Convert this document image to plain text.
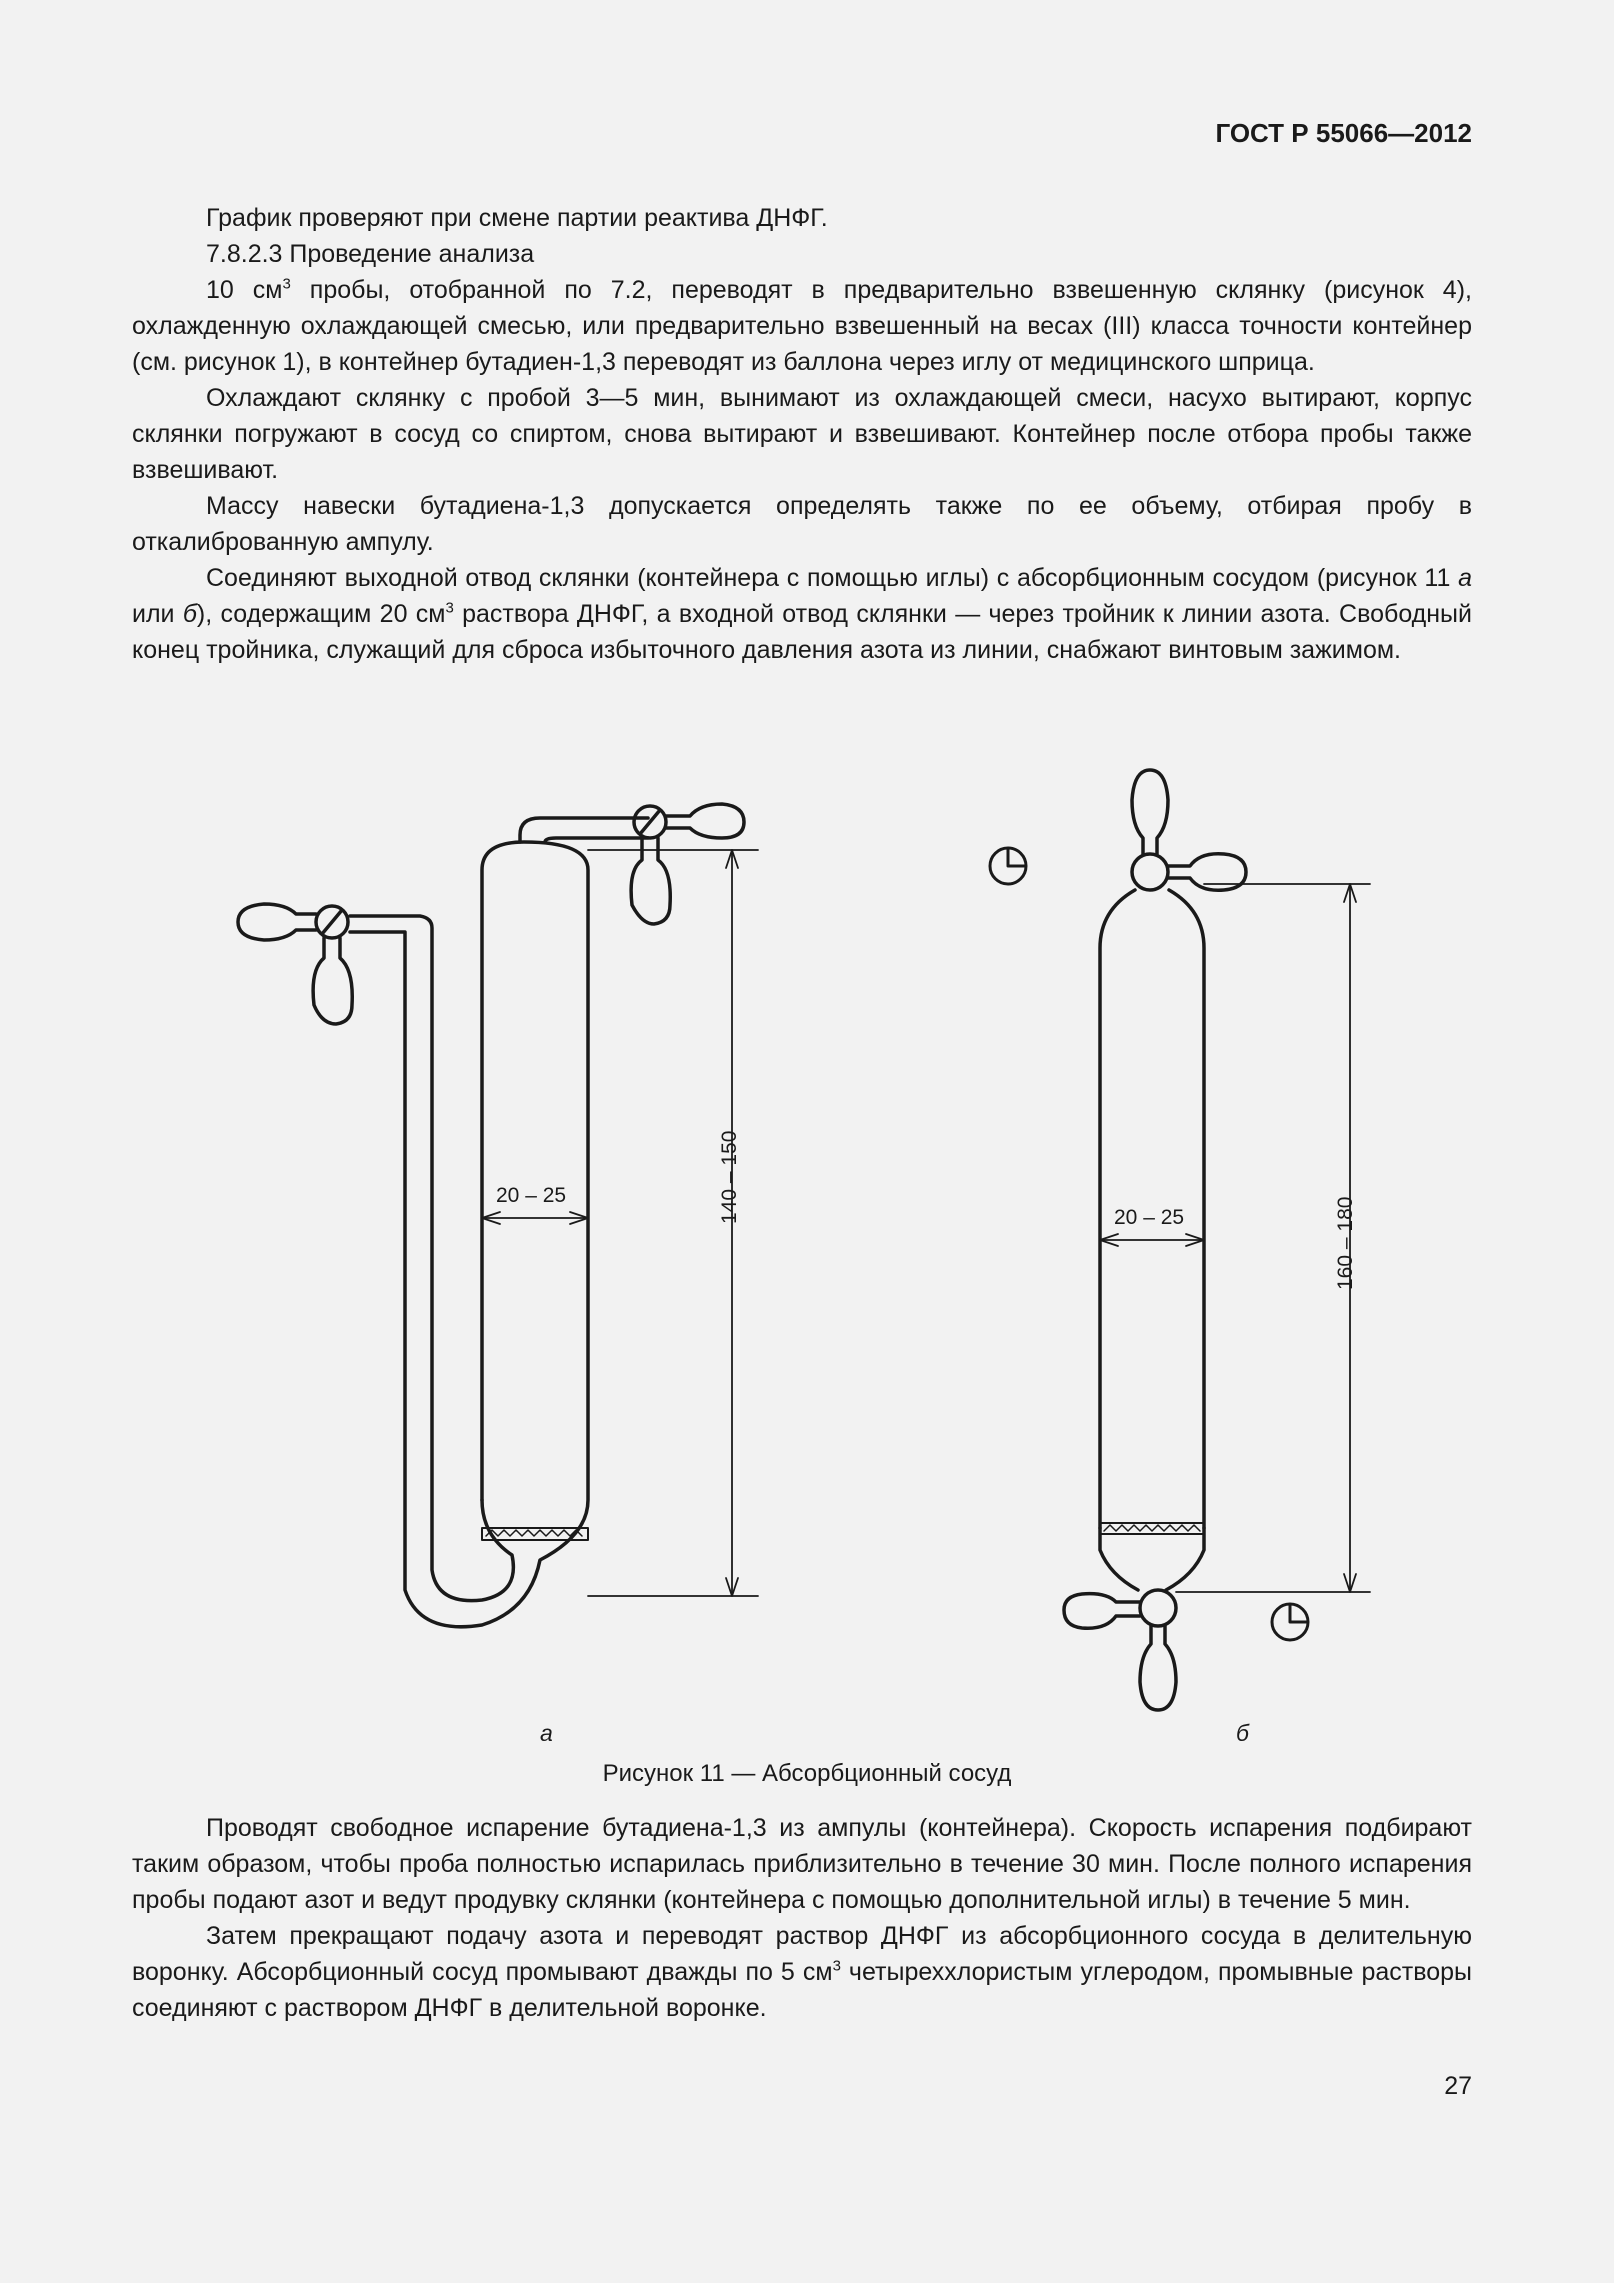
ГОСТ Р 55066—2012

График проверяют при смене партии реактива ДНФГ.

7.8.2.3 Проведение анализа

10 $см^3$ пробы, отобранной по 7.2, переводят в предварительно взвешенную склянку (рисунок 4), охлажденную охлаждающей смесью, или предварительно взвешенный на весах (III) класса точности контейнер (см. рисунок 1), в контейнер бутадиен-1,3 переводят из баллона через иглу от медицинского шприца.

Охлаждают склянку с пробой 3—5 мин, вынимают из охлаждающей смеси, насухо вытирают, корпус склянки погружают в сосуд со спиртом, снова вытирают и взвешивают. Контейнер после отбора пробы также взвешивают.

Массу навески бутадиена-1,3 допускается определять также по ее объему, отбирая пробу в откалиброванную ампулу.

Соединяют выходной отвод склянки (контейнера с помощью иглы) с абсорбционным сосудом (рисунок 11 а или б), содержащим 20 $см^3$ раствора ДНФГ, а входной отвод склянки — через тройник к линии азота. Свободный конец тройника, служащий для сброса избыточного давления азота из линии, снабжают винтовым зажимом.

20 – 25	140 – 150	20 – 25	160 – 180
а	б
Рисунок 11 — Абсорбционный сосуд

Проводят свободное испарение бутадиена-1,3 из ампулы (контейнера). Скорость испарения подбирают таким образом, чтобы проба полностью испарилась приблизительно в течение 30 мин. После полного испарения пробы подают азот и ведут продувку склянки (контейнера с помощью дополнительной иглы) в течение 5 мин.

Затем прекращают подачу азота и переводят раствор ДНФГ из абсорбционного сосуда в делительную воронку. Абсорбционный сосуд промывают дважды по 5 $см^3$ четыреххлористым углеродом, промывные растворы соединяют с раствором ДНФГ в делительной воронке.

27
